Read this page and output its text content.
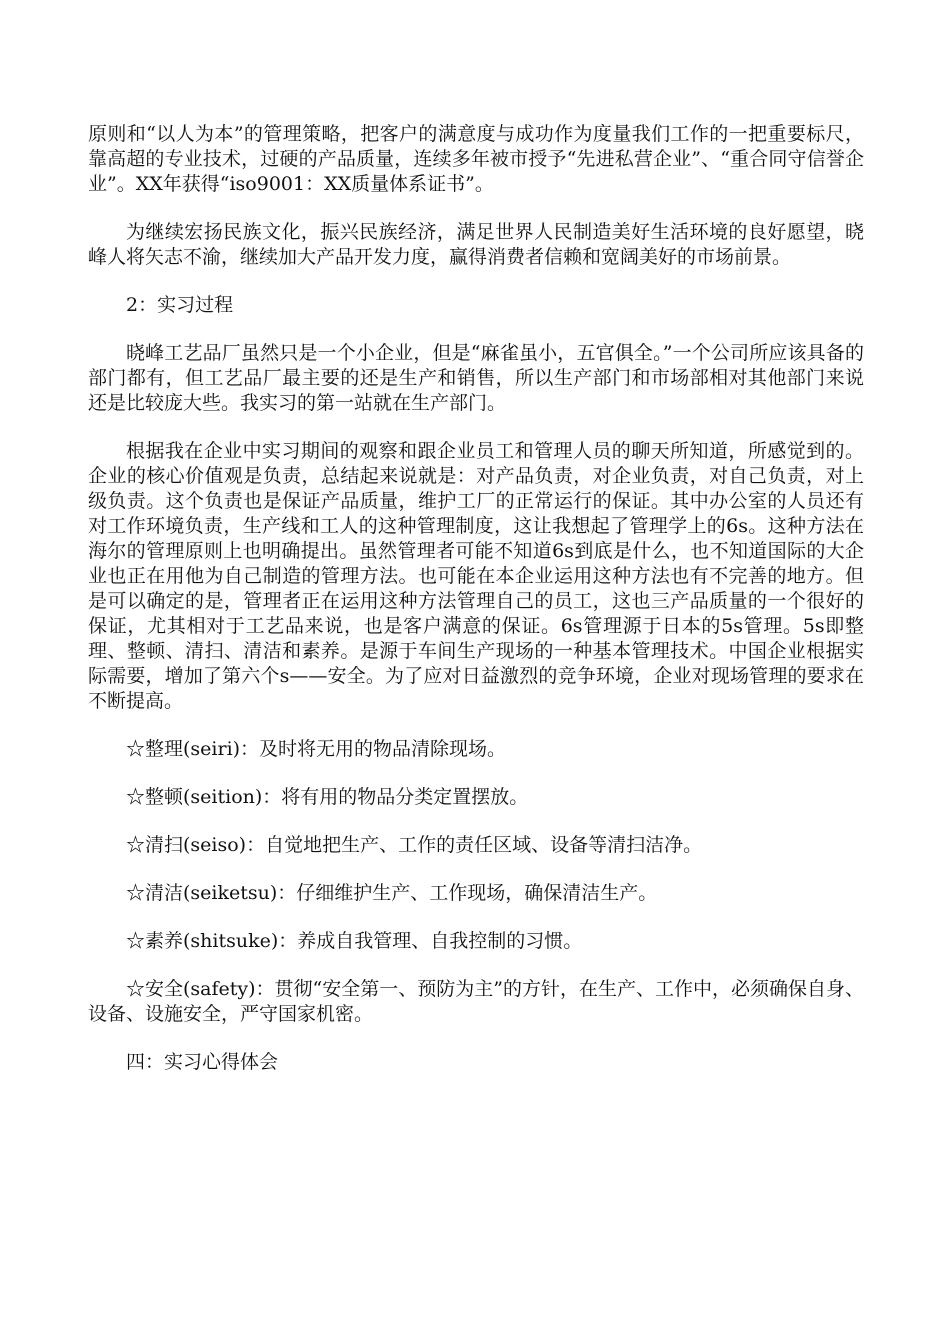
原则和“以人为本”的管理策略，把客户的满意度与成功作为度量我们工作的一把重要标尺，靠高超的专业技术，过硬的产品质量，连续多年被市授予“先进私营企业”、“重合同守信誉企业”。XX年获得“iso9001：XX质量体系证书”。

为继续宏扬民族文化，振兴民族经济，满足世界人民制造美好生活环境的良好愿望，晓峰人将矢志不渝，继续加大产品开发力度，赢得消费者信赖和宽阔美好的市场前景。

2：实习过程

晓峰工艺品厂虽然只是一个小企业，但是“麻雀虽小，五官俱全。”一个公司所应该具备的部门都有，但工艺品厂最主要的还是生产和销售，所以生产部门和市场部相对其他部门来说还是比较庞大些。我实习的第一站就在生产部门。

根据我在企业中实习期间的观察和跟企业员工和管理人员的聊天所知道，所感觉到的。企业的核心价值观是负责，总结起来说就是：对产品负责，对企业负责，对自己负责，对上级负责。这个负责也是保证产品质量，维护工厂的正常运行的保证。其中办公室的人员还有对工作环境负责，生产线和工人的这种管理制度，这让我想起了管理学上的6s。这种方法在海尔的管理原则上也明确提出。虽然管理者可能不知道6s到底是什么，也不知道国际的大企业也正在用他为自己制造的管理方法。也可能在本企业运用这种方法也有不完善的地方。但是可以确定的是，管理者正在运用这种方法管理自己的员工，这也三产品质量的一个很好的保证，尤其相对于工艺品来说，也是客户满意的保证。6s管理源于日本的5s管理。5s即整理、整顿、清扫、清洁和素养。是源于车间生产现场的一种基本管理技术。中国企业根据实际需要，增加了第六个s——安全。为了应对日益激烈的竞争环境，企业对现场管理的要求在不断提高。

☆整理(seiri)：及时将无用的物品清除现场。

☆整顿(seition)：将有用的物品分类定置摆放。

☆清扫(seiso)：自觉地把生产、工作的责任区域、设备等清扫洁净。

☆清洁(seiketsu)：仔细维护生产、工作现场，确保清洁生产。

☆素养(shitsuke)：养成自我管理、自我控制的习惯。

☆安全(safety)：贯彻“安全第一、预防为主”的方针，在生产、工作中，必须确保自身、设备、设施安全，严守国家机密。

四：实习心得体会
